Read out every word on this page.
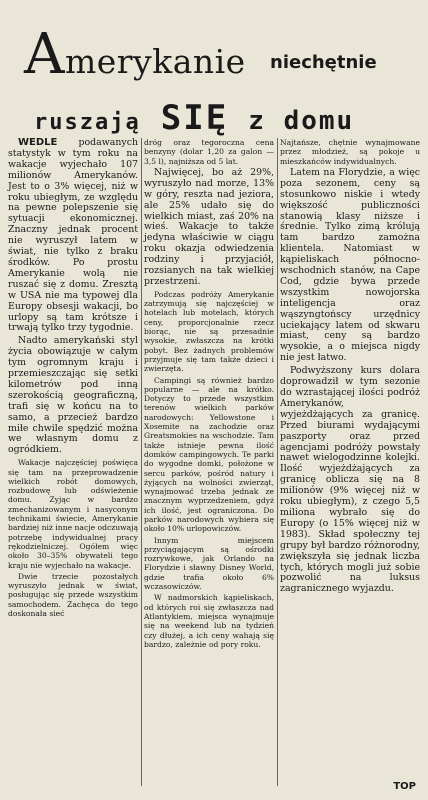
Amerykanie niechętnie
ruszają SIĘ z domu

WEDLE podawanych statystyk w tym roku na wakacje wyjechało 107 milionów Amerykanów. Jest to o 3% więcej, niż w roku ubiegłym, ze względu na pewne polepszenie się sytuacji ekonomicznej. Znaczny jednak procent nie wyruszył latem w świat, nie tylko z braku środków. Po prostu Amerykanie wolą nie ruszać się z domu. Zresztą w USA nie ma typowej dla Europy obsesji wakacji, bo urlopy są tam krótsze i trwają tylko trzy tygodnie.

Nadto amerykański styl życia obowiązuje w całym tym ogromnym kraju i przemieszczając się setki kilometrów pod inną szerokością geograficzną, trafi się w końcu na to samo, a przecież bardzo miłe chwile spędzić można we własnym domu z ogródkiem.

Wakacje najczęściej poświęca się tam na przeprowadzenie wielkich robót domowych, rozbudowę lub odświeżenie domu. Zyjąc w bardzo zmechanizowanym i nasyconym technikami świecie, Amerykanie bardziej niż inne nacje odczuwają potrzebę indywidualnej pracy rękodzielniczej. Ogółem więc około 30–35% obywateli tego kraju nie wyjechało na wakacje.

Dwie trzecie pozostałych wyruszyło jednak w świat, posługując się przede wszystkim samochodem. Zachęca do tego doskonała sieć

dróg oraz tegoroczna cena benzyny (dolar 1,20 za galon — 3,5 l), najniższa od 5 lat.

Najwięcej, bo aż 29%, wyruszyło nad morze, 13% w góry, reszta nad jeziora, ale 25% udało się do wielkich miast, zaś 20% na wieś. Wakacje to także jedyna właściwie w ciągu roku okazja odwiedzenia rodziny i przyjaciół, rozsianych na tak wielkiej przestrzeni.

Podczas podróży Amerykanie zatrzymują się najczęściej w hotelach lub motelach, których ceny, proporcjonalnie rzecz biorąc, nie są przesadnie wysokie, zwłaszcza na krótki pobyt. Bez żadnych problemów przyjmuje się tam także dzieci i zwierzęta.

Campingi są również bardzo popularne — ale na krótko. Dotyczy to przede wszystkim terenów wielkich parków narodowych: Yellowstone i Xosemite na zachodzie oraz Greatsmokies na wschodzie. Tam także istnieje pewna ilość domków campingowych. Te parki do wygodne domki, położone w sercu parków, pośród natury i żyjących na wolności zwierząt, wynajmować trzeba jednak ze znacznym wyprzedzeniem, gdyż ich ilość, jest ograniczona. Do parków narodowych wybiera się około 10% urlopowiczów.

Innym miejscem przyciągającym są ośrodki rozrywkowe, jak Orlando na Florydzie i sławny Disney World, gdzie trafia około 6% wczasowiczów.

W nadmorskich kąpieliskach, od których roi się zwłaszcza nad Atlantykiem, miejsca wynajmuje się na weekend lub na tydzień czy dłużej, a ich ceny wahają się bardzo, zależnie od pory roku.

Najtańsze, chętnie wynajmowane przez młodzież, są pokoje u mieszkańców indywidualnych.

Latem na Florydzie, a więc poza sezonem, ceny są stosunkowo niskie i wtedy większość publiczności stanowią klasy niższe i średnie. Tylko zimą królują tam bardzo zamożna klientela. Natomiast w kąpieliskach północno-wschodnich stanów, na Cape Cod, gdzie bywa przede wszystkim nowojorska inteligencja oraz wąszyngtońscy urzędnicy uciekający latem od skwaru miast, ceny są bardzo wysokie, a o miejsca nigdy nie jest łatwo.

Podwyższony kurs dolara doprowadził w tym sezonie do wzrastającej ilości podróż Amerykanów, wyjeżdżających za granicę. Przed biurami wydającymi paszporty oraz przed agencjami podróży powstały nawet wielogodzinne kolejki. Ilość wyjeżdżających za granicę oblicza się na 8 milionów (9% więcej niż w roku ubiegłym), z czego 5,5 miliona wybrało się do Europy (o 15% więcej niż w 1983). Skład społeczny tej grupy był bardzo różnorodny, zwiększyła się jednak liczba tych, których mogli już sobie pozwolić na luksus zagranicznego wyjazdu.

TOP
